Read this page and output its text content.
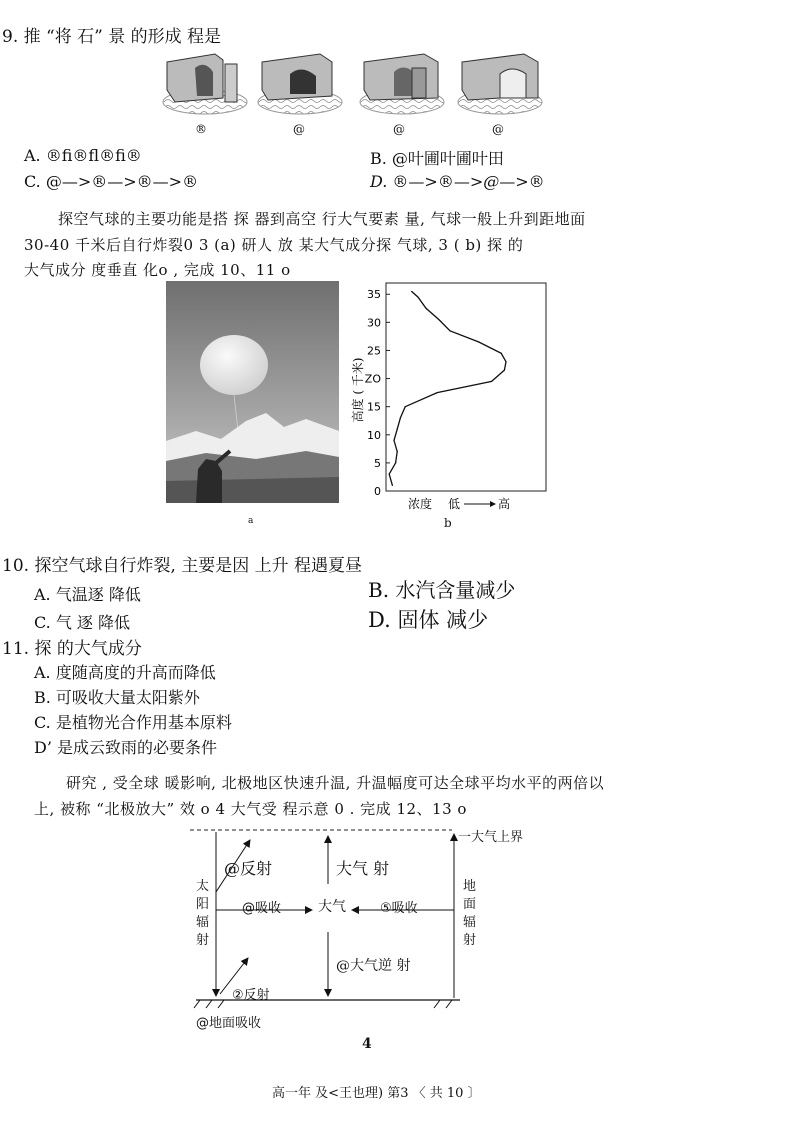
9. 推 “将 石” 景 的形成 程是
®	@	@	@
A. ®fi®fl®fi®	B. @叶圃叶圃叶田
C. @—>®—>®—>®	D. ®—>®—>@—>®
探空气球的主要功能是搭 探 器到高空 行大气要素 量, 气球一般上升到距地面
30-40 千米后自行炸裂0 3 (a) 研人 放 某大气成分探 气球, 3 ( b) 探 的
大气成分 度垂直 化o , 完成 10、11 o
a
0
5
10
15
ZO
25
30
35
高度 ( 千米)
浓度 低	高
b
10. 探空气球自行炸裂, 主要是因 上升 程遇夏昼
A. 气温逐 降低	B. 水汽含量减少
C. 气 逐 降低	D. 固体 减少
11. 探 的大气成分
A. 度随高度的升高而降低
B. 可吸收大量太阳紫外
C. 是植物光合作用基本原料
D’ 是成云致雨的必要条件
研究 , 受全球 暖影响, 北极地区快速升温, 升温幅度可达全球平均水平的两倍以
上, 被称 “北极放大” 效 o 4 大气受 程示意 0 . 完成 12、13 o
一大气上界
@反射	大气 射
太阳辐射
地面辐射
@吸收	大气	⑤吸收
@大气逆 射
②反射
@地面吸收
4
高一年 及<王也理) 第3 〈 共 10 〕
